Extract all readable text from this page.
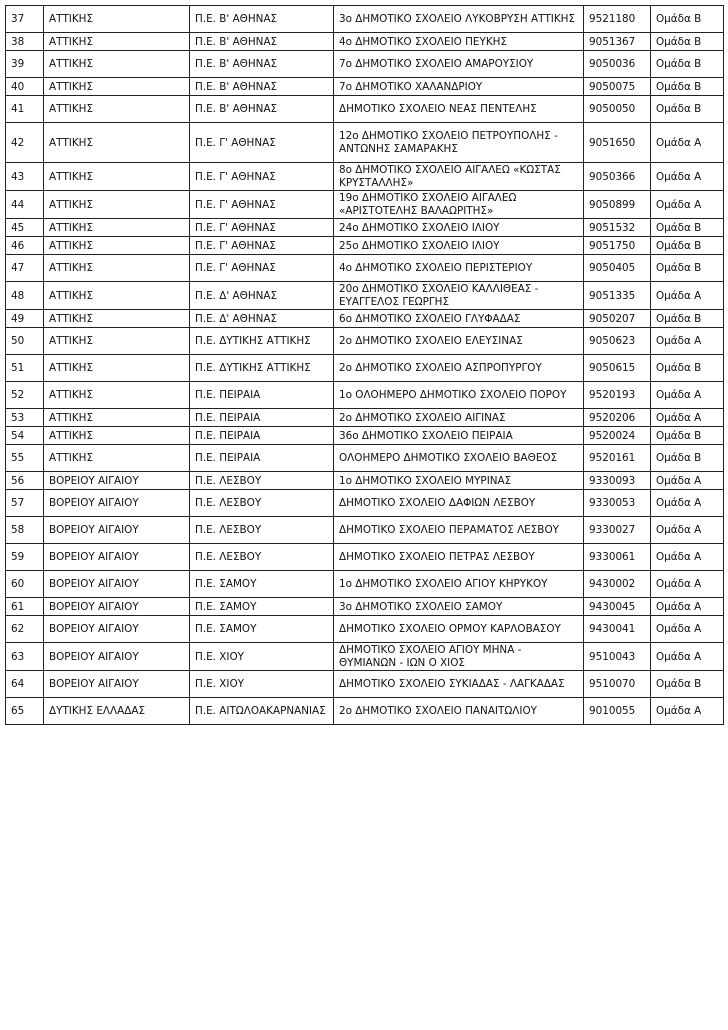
37	ΑΤΤΙΚΗΣ	Π.Ε. Β' ΑΘΗΝΑΣ	3ο ΔΗΜΟΤΙΚΟ ΣΧΟΛΕΙΟ ΛΥΚΟΒΡΥΣΗ ΑΤΤΙΚΗΣ	9521180	Ομάδα Β
38	ΑΤΤΙΚΗΣ	Π.Ε. Β' ΑΘΗΝΑΣ	4ο ΔΗΜΟΤΙΚΟ ΣΧΟΛΕΙΟ ΠΕΥΚΗΣ	9051367	Ομάδα Β
39	ΑΤΤΙΚΗΣ	Π.Ε. Β' ΑΘΗΝΑΣ	7ο ΔΗΜΟΤΙΚΟ ΣΧΟΛΕΙΟ ΑΜΑΡΟΥΣΙΟΥ	9050036	Ομάδα Β
40	ΑΤΤΙΚΗΣ	Π.Ε. Β' ΑΘΗΝΑΣ	7ο ΔΗΜΟΤΙΚΟ ΧΑΛΑΝΔΡΙΟΥ	9050075	Ομάδα Β
41	ΑΤΤΙΚΗΣ	Π.Ε. Β' ΑΘΗΝΑΣ	ΔΗΜΟΤΙΚΟ ΣΧΟΛΕΙΟ ΝΕΑΣ ΠΕΝΤΕΛΗΣ	9050050	Ομάδα Β
42	ΑΤΤΙΚΗΣ	Π.Ε. Γ' ΑΘΗΝΑΣ	12ο ΔΗΜΟΤΙΚΟ ΣΧΟΛΕΙΟ ΠΕΤΡΟΥΠΟΛΗΣ - ΑΝΤΩΝΗΣ ΣΑΜΑΡΑΚΗΣ	9051650	Ομάδα Α
43	ΑΤΤΙΚΗΣ	Π.Ε. Γ' ΑΘΗΝΑΣ	8ο ΔΗΜΟΤΙΚΟ ΣΧΟΛΕΙΟ ΑΙΓΑΛΕΩ «ΚΩΣΤΑΣ ΚΡΥΣΤΑΛΛΗΣ»	9050366	Ομάδα Α
44	ΑΤΤΙΚΗΣ	Π.Ε. Γ' ΑΘΗΝΑΣ	19ο ΔΗΜΟΤΙΚΟ ΣΧΟΛΕΙΟ ΑΙΓΑΛΕΩ «ΑΡΙΣΤΟΤΕΛΗΣ ΒΑΛΑΩΡΙΤΗΣ»	9050899	Ομάδα Α
45	ΑΤΤΙΚΗΣ	Π.Ε. Γ' ΑΘΗΝΑΣ	24ο ΔΗΜΟΤΙΚΟ ΣΧΟΛΕΙΟ ΙΛΙΟΥ	9051532	Ομάδα Β
46	ΑΤΤΙΚΗΣ	Π.Ε. Γ' ΑΘΗΝΑΣ	25ο ΔΗΜΟΤΙΚΟ ΣΧΟΛΕΙΟ ΙΛΙΟΥ	9051750	Ομάδα Β
47	ΑΤΤΙΚΗΣ	Π.Ε. Γ' ΑΘΗΝΑΣ	4ο ΔΗΜΟΤΙΚΟ ΣΧΟΛΕΙΟ ΠΕΡΙΣΤΕΡΙΟΥ	9050405	Ομάδα Β
48	ΑΤΤΙΚΗΣ	Π.Ε. Δ' ΑΘΗΝΑΣ	20ο ΔΗΜΟΤΙΚΟ ΣΧΟΛΕΙΟ ΚΑΛΛΙΘΕΑΣ - ΕΥΑΓΓΕΛΟΣ ΓΕΩΡΓΗΣ	9051335	Ομάδα Α
49	ΑΤΤΙΚΗΣ	Π.Ε. Δ' ΑΘΗΝΑΣ	6ο ΔΗΜΟΤΙΚΟ ΣΧΟΛΕΙΟ ΓΛΥΦΑΔΑΣ	9050207	Ομάδα Β
50	ΑΤΤΙΚΗΣ	Π.Ε. ΔΥΤΙΚΗΣ ΑΤΤΙΚΗΣ	2ο ΔΗΜΟΤΙΚΟ ΣΧΟΛΕΙΟ ΕΛΕΥΣΙΝΑΣ	9050623	Ομάδα Α
51	ΑΤΤΙΚΗΣ	Π.Ε. ΔΥΤΙΚΗΣ ΑΤΤΙΚΗΣ	2ο ΔΗΜΟΤΙΚΟ ΣΧΟΛΕΙΟ ΑΣΠΡΟΠΥΡΓΟΥ	9050615	Ομάδα Β
52	ΑΤΤΙΚΗΣ	Π.Ε. ΠΕΙΡΑΙΑ	1ο ΟΛΟΗΜΕΡΟ ΔΗΜΟΤΙΚΟ ΣΧΟΛΕΙΟ ΠΟΡΟΥ	9520193	Ομάδα Α
53	ΑΤΤΙΚΗΣ	Π.Ε. ΠΕΙΡΑΙΑ	2ο ΔΗΜΟΤΙΚΟ ΣΧΟΛΕΙΟ ΑΙΓΙΝΑΣ	9520206	Ομάδα Α
54	ΑΤΤΙΚΗΣ	Π.Ε. ΠΕΙΡΑΙΑ	36ο ΔΗΜΟΤΙΚΟ ΣΧΟΛΕΙΟ ΠΕΙΡΑΙΑ	9520024	Ομάδα Β
55	ΑΤΤΙΚΗΣ	Π.Ε. ΠΕΙΡΑΙΑ	ΟΛΟΗΜΕΡΟ ΔΗΜΟΤΙΚΟ ΣΧΟΛΕΙΟ ΒΑΘΕΟΣ	9520161	Ομάδα Β
56	ΒΟΡΕΙΟΥ ΑΙΓΑΙΟΥ	Π.Ε. ΛΕΣΒΟΥ	1ο ΔΗΜΟΤΙΚΟ ΣΧΟΛΕΙΟ ΜΥΡΙΝΑΣ	9330093	Ομάδα Α
57	ΒΟΡΕΙΟΥ ΑΙΓΑΙΟΥ	Π.Ε. ΛΕΣΒΟΥ	ΔΗΜΟΤΙΚΟ ΣΧΟΛΕΙΟ ΔΑΦΙΩΝ ΛΕΣΒΟΥ	9330053	Ομάδα Α
58	ΒΟΡΕΙΟΥ ΑΙΓΑΙΟΥ	Π.Ε. ΛΕΣΒΟΥ	ΔΗΜΟΤΙΚΟ ΣΧΟΛΕΙΟ ΠΕΡΑΜΑΤΟΣ ΛΕΣΒΟΥ	9330027	Ομάδα Α
59	ΒΟΡΕΙΟΥ ΑΙΓΑΙΟΥ	Π.Ε. ΛΕΣΒΟΥ	ΔΗΜΟΤΙΚΟ ΣΧΟΛΕΙΟ ΠΕΤΡΑΣ ΛΕΣΒΟΥ	9330061	Ομάδα Α
60	ΒΟΡΕΙΟΥ ΑΙΓΑΙΟΥ	Π.Ε. ΣΑΜΟΥ	1ο ΔΗΜΟΤΙΚΟ ΣΧΟΛΕΙΟ ΑΓΙΟΥ ΚΗΡΥΚΟΥ	9430002	Ομάδα Α
61	ΒΟΡΕΙΟΥ ΑΙΓΑΙΟΥ	Π.Ε. ΣΑΜΟΥ	3ο ΔΗΜΟΤΙΚΟ ΣΧΟΛΕΙΟ ΣΑΜΟΥ	9430045	Ομάδα Α
62	ΒΟΡΕΙΟΥ ΑΙΓΑΙΟΥ	Π.Ε. ΣΑΜΟΥ	ΔΗΜΟΤΙΚΟ ΣΧΟΛΕΙΟ ΟΡΜΟΥ ΚΑΡΛΟΒΑΣΟΥ	9430041	Ομάδα Α
63	ΒΟΡΕΙΟΥ ΑΙΓΑΙΟΥ	Π.Ε. ΧΙΟΥ	ΔΗΜΟΤΙΚΟ ΣΧΟΛΕΙΟ ΑΓΙΟΥ ΜΗΝΑ - ΘΥΜΙΑΝΩΝ - ΙΩΝ Ο ΧΙΟΣ	9510043	Ομάδα Α
64	ΒΟΡΕΙΟΥ ΑΙΓΑΙΟΥ	Π.Ε. ΧΙΟΥ	ΔΗΜΟΤΙΚΟ ΣΧΟΛΕΙΟ ΣΥΚΙΑΔΑΣ - ΛΑΓΚΑΔΑΣ	9510070	Ομάδα Β
65	ΔΥΤΙΚΗΣ ΕΛΛΑΔΑΣ	Π.Ε. ΑΙΤΩΛΟΑΚΑΡΝΑΝΙΑΣ	2ο ΔΗΜΟΤΙΚΟ ΣΧΟΛΕΙΟ ΠΑΝΑΙΤΩΛΙΟΥ	9010055	Ομάδα Α
